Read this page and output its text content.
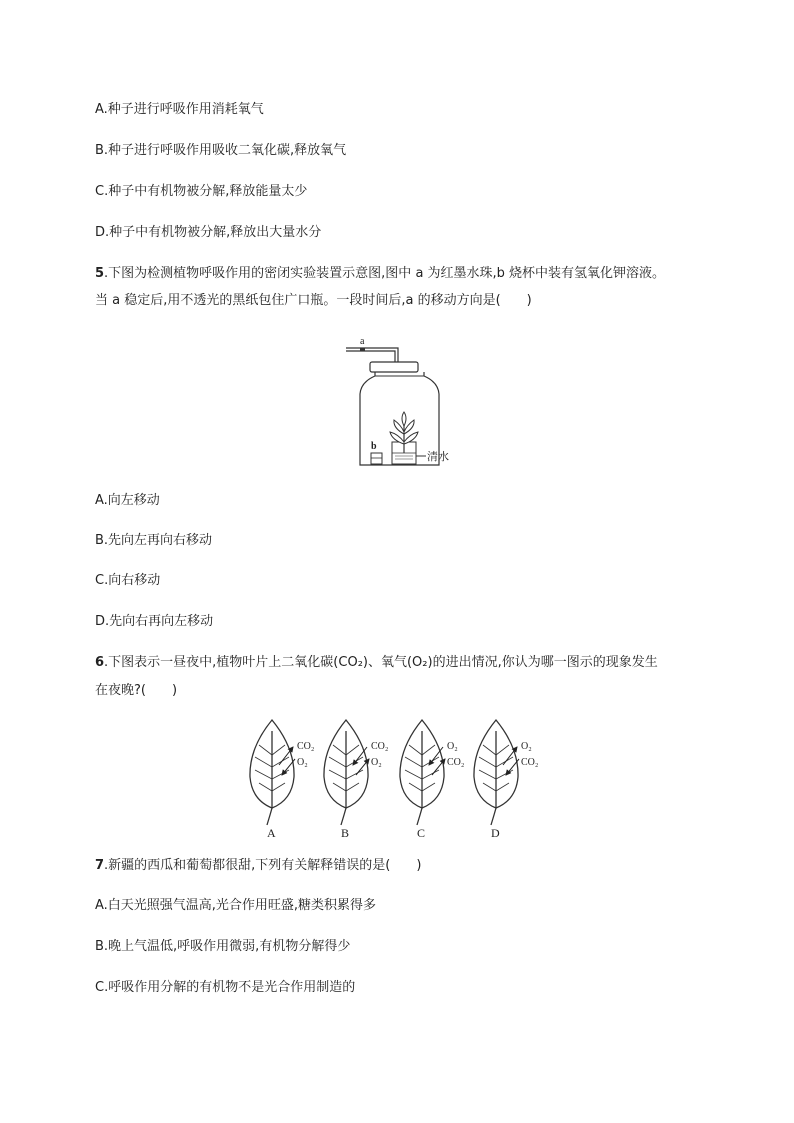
A.种子进行呼吸作用消耗氧气
B.种子进行呼吸作用吸收二氧化碳,释放氧气
C.种子中有机物被分解,释放能量太少
D.种子中有机物被分解,释放出大量水分
5.下图为检测植物呼吸作用的密闭实验装置示意图,图中 a 为红墨水珠,b 烧杯中装有氢氧化钾溶液。
当 a 稳定后,用不透光的黑纸包住广口瓶。一段时间后,a 的移动方向是(　　)
a
b
清水
A.向左移动
B.先向左再向右移动
C.向右移动
D.先向右再向左移动
6.下图表示一昼夜中,植物叶片上二氧化碳(CO₂)、氧气(O₂)的进出情况,你认为哪一图示的现象发生
在夜晚?(　　)
CO₂
O₂
A
CO₂
O₂
B
O₂
CO₂
C
O₂
CO₂
D
7.新疆的西瓜和葡萄都很甜,下列有关解释错误的是(　　)
A.白天光照强气温高,光合作用旺盛,糖类积累得多
B.晚上气温低,呼吸作用微弱,有机物分解得少
C.呼吸作用分解的有机物不是光合作用制造的
